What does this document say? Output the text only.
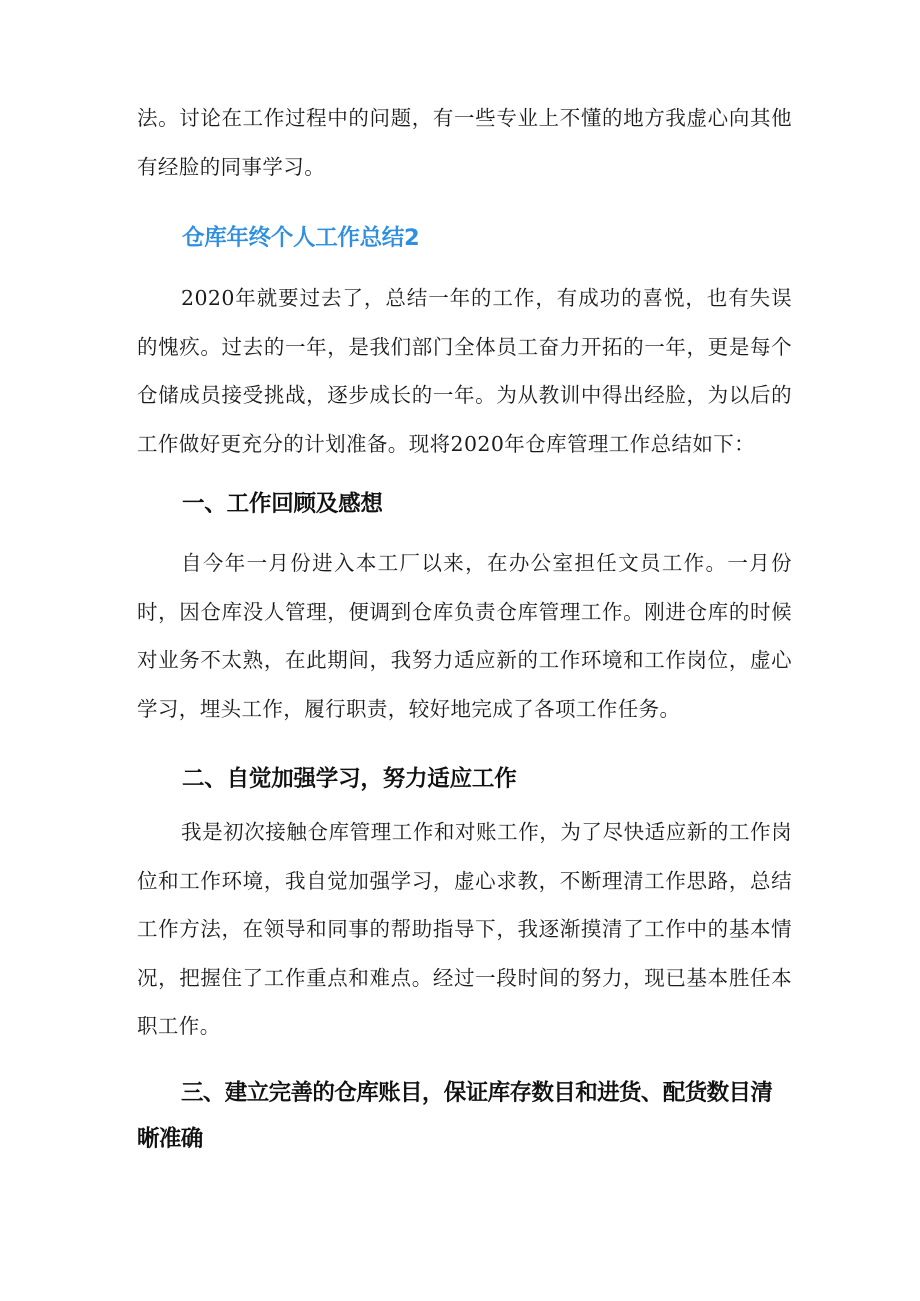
法。讨论在工作过程中的问题，有一些专业上不懂的地方我虚心向其他有经脸的同事学习。

仓库年终个人工作总结2

2020年就要过去了，总结一年的工作，有成功的喜悦，也有失误的愧疚。过去的一年，是我们部门全体员工奋力开拓的一年，更是每个仓储成员接受挑战，逐步成长的一年。为从教训中得出经脸，为以后的工作做好更充分的计划准备。现将2020年仓库管理工作总结如下：

一、工作回顾及感想

自今年一月份进入本工厂以来，在办公室担任文员工作。一月份时，因仓库没人管理，便调到仓库负责仓库管理工作。刚进仓库的时候对业务不太熟，在此期间，我努力适应新的工作环境和工作岗位，虚心学习，埋头工作，履行职责，较好地完成了各项工作任务。

二、自觉加强学习，努力适应工作

我是初次接触仓库管理工作和对账工作，为了尽快适应新的工作岗位和工作环境，我自觉加强学习，虚心求教，不断理清工作思路，总结工作方法，在领导和同事的帮助指导下，我逐渐摸清了工作中的基本情况，把握住了工作重点和难点。经过一段时间的努力，现已基本胜任本职工作。

三、建立完善的仓库账目，保证库存数目和进货、配货数目清晰准确
